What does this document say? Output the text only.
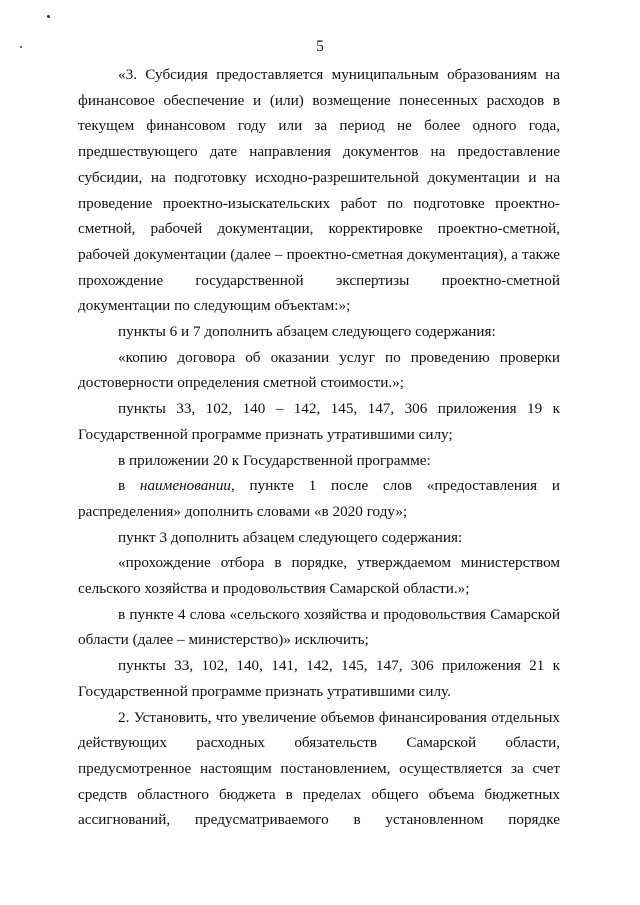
5

«3. Субсидия предоставляется муниципальным образованиям на финансовое обеспечение и (или) возмещение понесенных расходов в текущем финансовом году или за период не более одного года, предшествующего дате направления документов на предоставление субсидии, на подготовку исходно-разрешительной документации и на проведение проектно-изыскательских работ по подготовке проектно-сметной, рабочей документации, корректировке проектно-сметной, рабочей документации (далее – проектно-сметная документация), а также прохождение государственной экспертизы проектно-сметной документации по следующим объектам:»;

пункты 6 и 7 дополнить абзацем следующего содержания:

«копию договора об оказании услуг по проведению проверки достоверности определения сметной стоимости.»;

пункты 33, 102, 140 – 142, 145, 147, 306 приложения 19 к Государственной программе признать утратившими силу;

в приложении 20 к Государственной программе:

в наименовании, пункте 1 после слов «предоставления и распределения» дополнить словами «в 2020 году»;

пункт 3 дополнить абзацем следующего содержания:

«прохождение отбора в порядке, утверждаемом министерством сельского хозяйства и продовольствия Самарской области.»;

в пункте 4 слова «сельского хозяйства и продовольствия Самарской области (далее – министерство)» исключить;

пункты 33, 102, 140, 141, 142, 145, 147, 306 приложения 21 к Государственной программе признать утратившими силу.

2. Установить, что увеличение объемов финансирования отдельных действующих расходных обязательств Самарской области, предусмотренное настоящим постановлением, осуществляется за счет средств областного бюджета в пределах общего объема бюджетных ассигнований, предусматриваемого в установленном порядке
